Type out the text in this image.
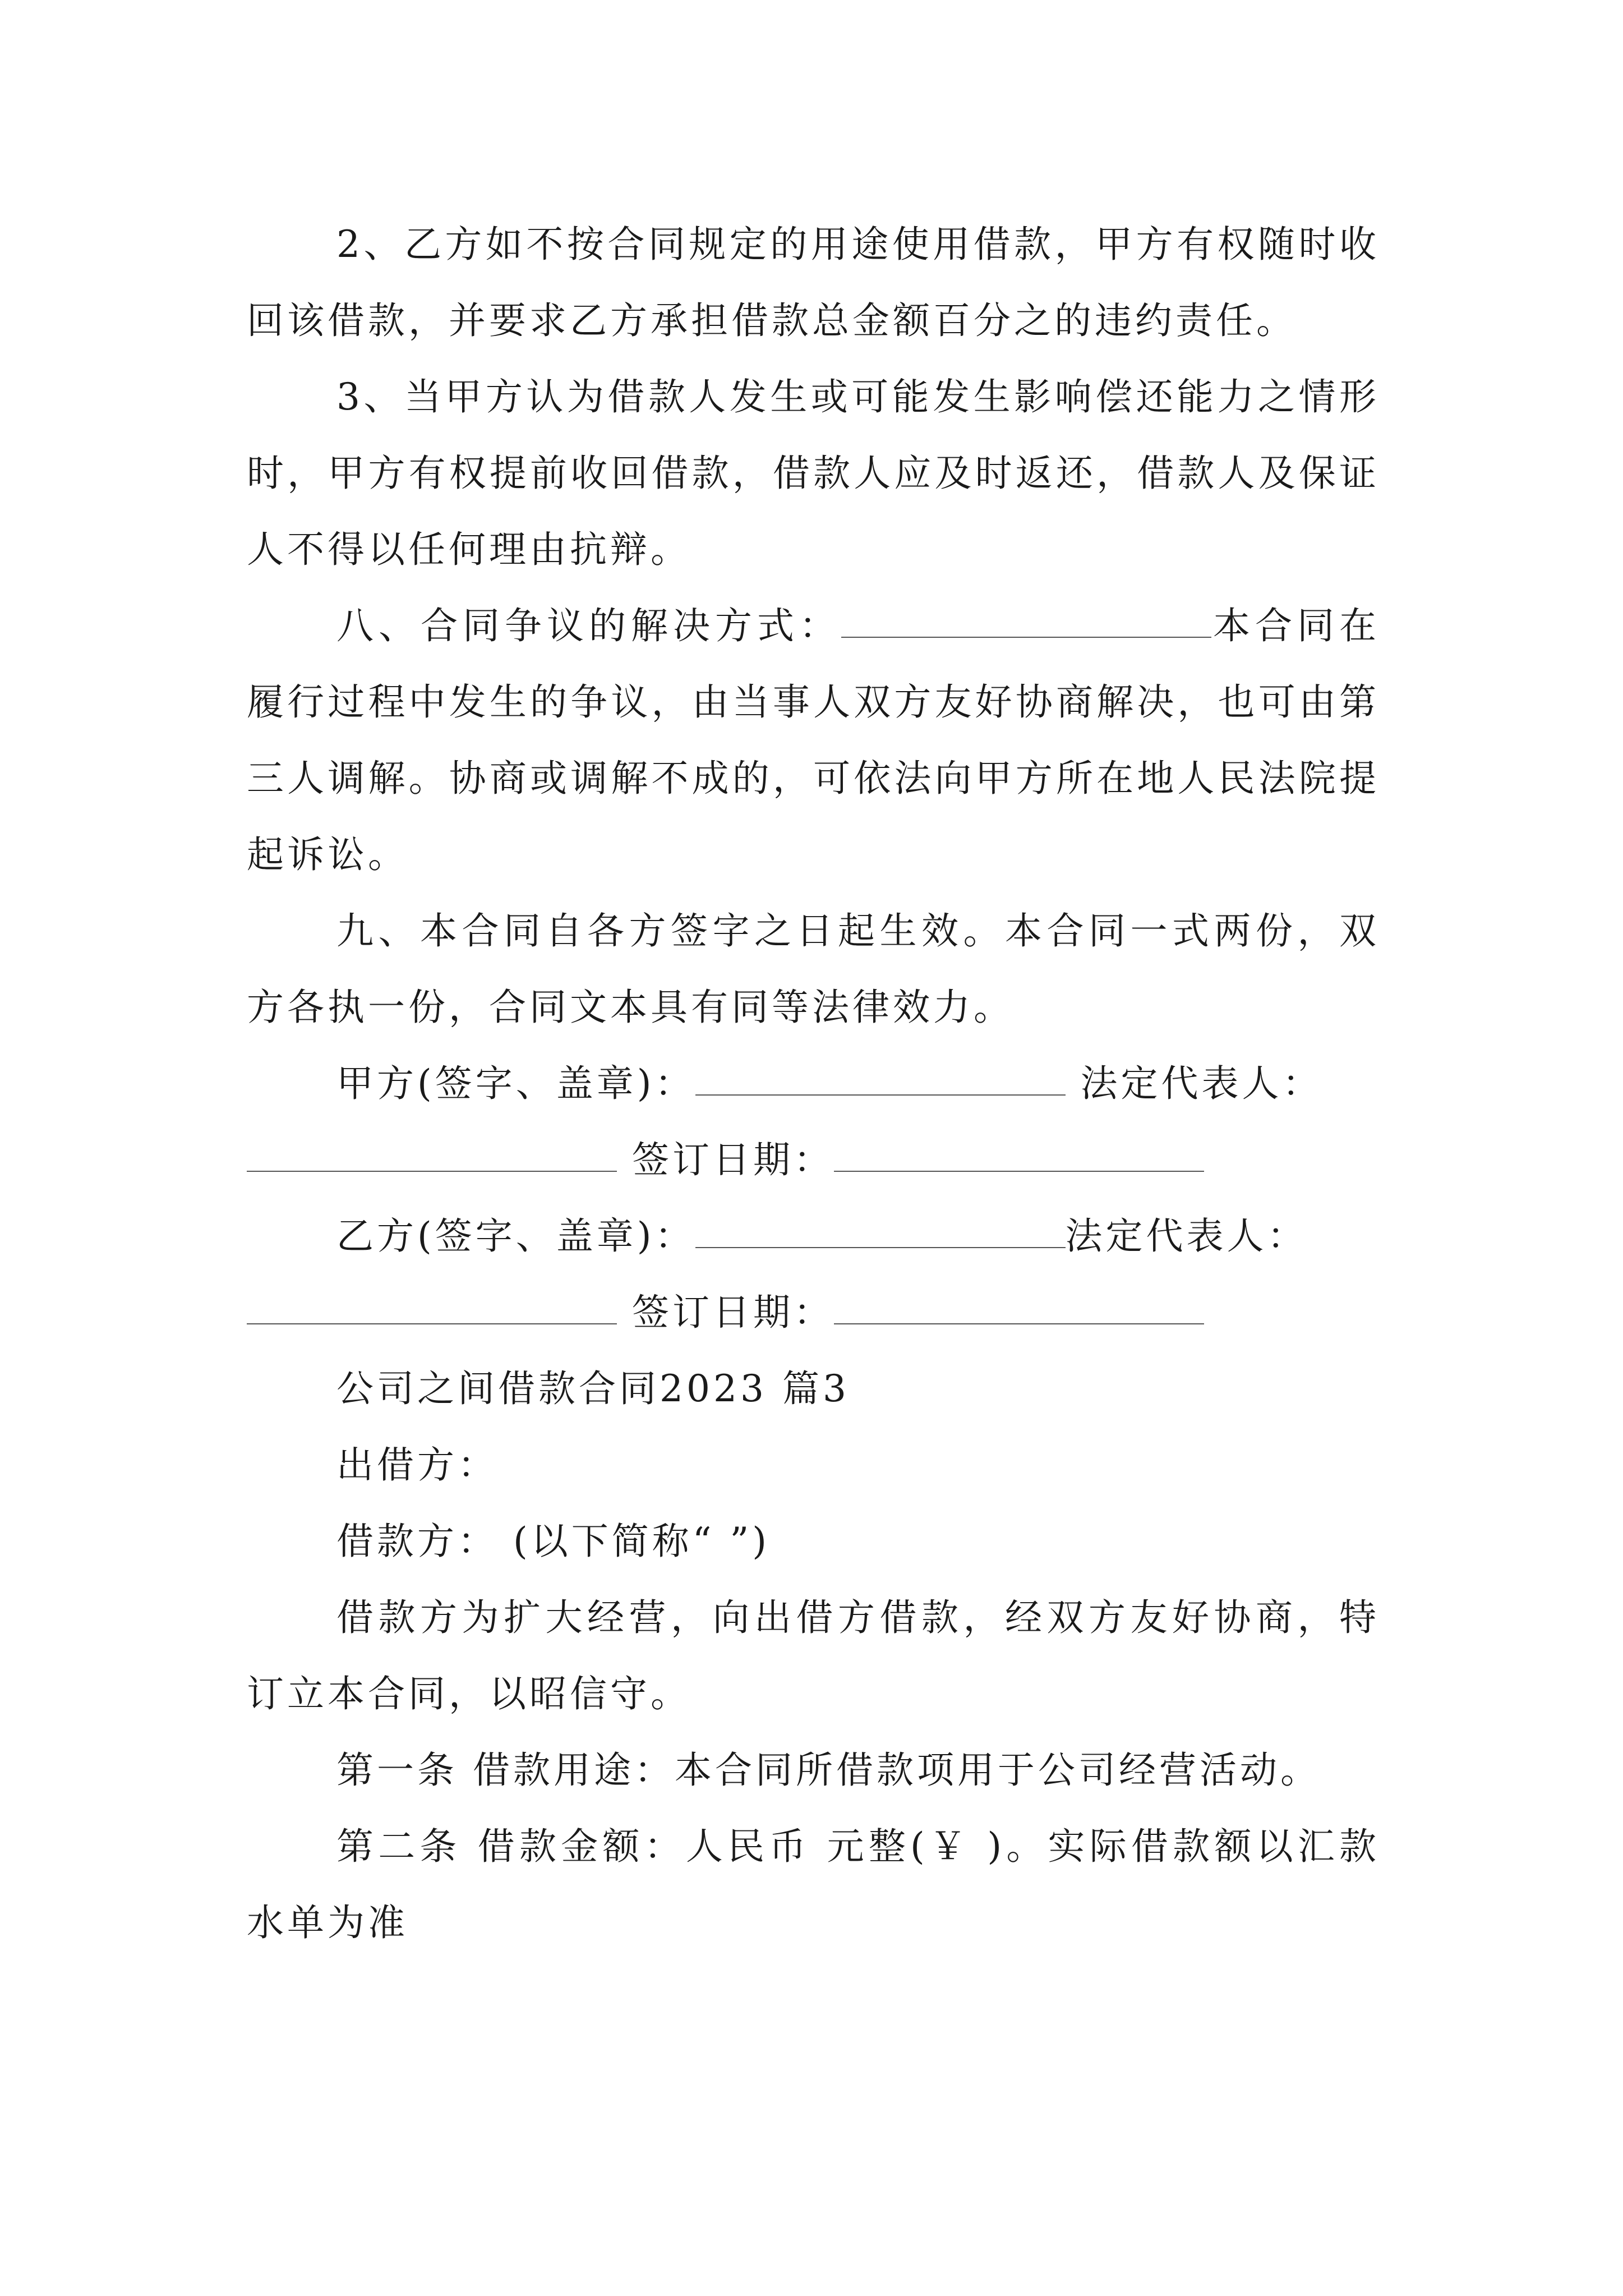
2、乙方如不按合同规定的用途使用借款，甲方有权随时收回该借款，并要求乙方承担借款总金额百分之的违约责任。

3、当甲方认为借款人发生或可能发生影响偿还能力之情形时，甲方有权提前收回借款，借款人应及时返还，借款人及保证人不得以任何理由抗辩。

八、合同争议的解决方式：	本合同在履行过程中发生的争议，由当事人双方友好协商解决，也可由第三人调解。协商或调解不成的，可依法向甲方所在地人民法院提起诉讼。

九、本合同自各方签字之日起生效。本合同一式两份，双方各执一份，合同文本具有同等法律效力。

甲方(签字、盖章)：	法定代表人：

签订日期：

乙方(签字、盖章)：	法定代表人：

签订日期：

公司之间借款合同2023 篇3

出借方：

借款方： (以下简称“ ”)

借款方为扩大经营，向出借方借款，经双方友好协商，特订立本合同，以昭信守。

第一条 借款用途：本合同所借款项用于公司经营活动。

第二条 借款金额：人民币 元整(￥ )。实际借款额以汇款水单为准
